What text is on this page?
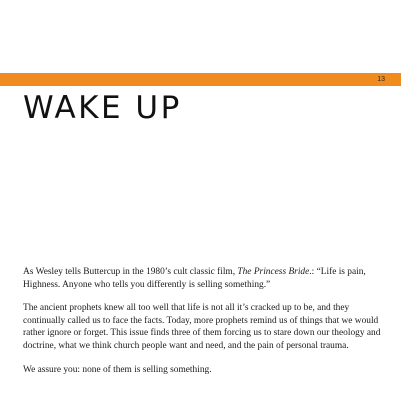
13
WAKE UP

As Wesley tells Buttercup in the 1980’s cult classic film, The Princess Bride.: “Life is pain, Highness. Anyone who tells you differently is selling something.”

The ancient prophets knew all too well that life is not all it’s cracked up to be, and they continually called us to face the facts. Today, more prophets remind us of things that we would rather ignore or forget. This issue finds three of them forcing us to stare down our theology and doctrine, what we think church people want and need, and the pain of personal trauma.

We assure you: none of them is selling something.
